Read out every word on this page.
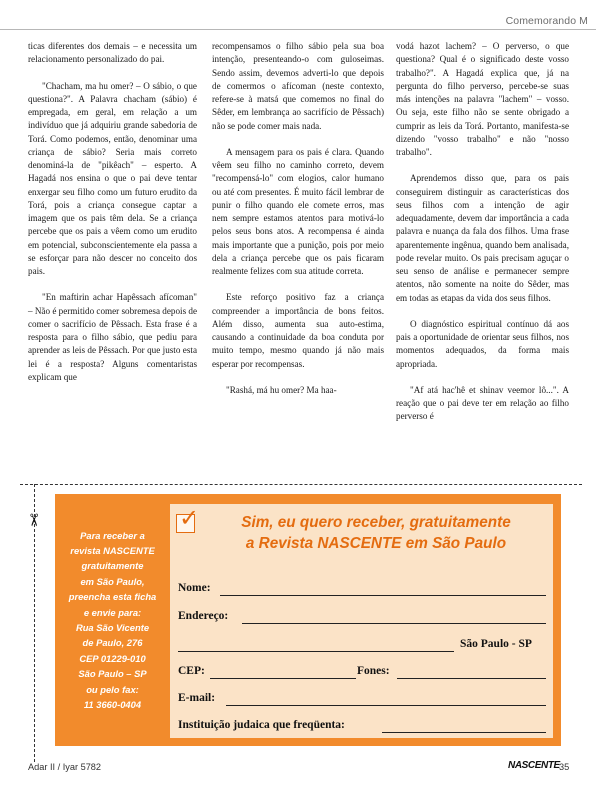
Comemorando M

ticas diferentes dos demais – e necessita um relacionamento personalizado do pai.

"Chacham, ma hu omer? – O sábio, o que questiona?". A Palavra chacham (sábio) é empregada, em geral, em relação a um indivíduo que já adquiriu grande sabedoria de Torá. Como podemos, então, denominar uma criança de sábio? Seria mais correto denominá-la de "pikêach" – esperto. A Hagadá nos ensina o que o pai deve tentar enxergar seu filho como um futuro erudito da Torá, pois a criança consegue captar a imagem que os pais têm dela. Se a criança percebe que os pais a vêem como um erudito em potencial, subconscientemente ela passa a se esforçar para não descer no conceito dos pais.

"En maftirin achar Hapêssach afícoman" – Não é permitido comer sobremesa depois de comer o sacrifício de Pêssach. Esta frase é a resposta para o filho sábio, que pediu para aprender as leis de Pêssach. Por que justo esta lei é a resposta? Alguns comentaristas explicam que

recompensamos o filho sábio pela sua boa intenção, presenteando-o com guloseimas. Sendo assim, devemos adverti-lo que depois de comermos o afícoman (neste contexto, refere-se à matsá que comemos no final do Sêder, em lembrança ao sacrifício de Pêssach) não se pode comer mais nada.

A mensagem para os pais é clara. Quando vêem seu filho no caminho correto, devem "recompensá-lo" com elogios, calor humano ou até com presentes. É muito fácil lembrar de punir o filho quando ele comete erros, mas nem sempre estamos atentos para motivá-lo pelos seus bons atos. A recompensa é ainda mais importante que a punição, pois por meio dela a criança percebe que os pais ficaram realmente felizes com sua atitude correta.

Este reforço positivo faz a criança compreender a importância de bons feitos. Além disso, aumenta sua auto-estima, causando a continuidade da boa conduta por muito tempo, mesmo quando já não mais esperar por recompensas.

"Rashá, má hu omer? Ma haa-

vodá hazot lachem? – O perverso, o que questiona? Qual é o significado deste vosso trabalho?". A Hagadá explica que, já na pergunta do filho perverso, percebe-se suas más intenções na palavra "lachem" – vosso. Ou seja, este filho não se sente obrigado a cumprir as leis da Torá. Portanto, manifesta-se dizendo "vosso trabalho" e não "nosso trabalho".

Aprendemos disso que, para os pais conseguirem distinguir as características dos seus filhos com a intenção de agir adequadamente, devem dar importância a cada palavra e nuança da fala dos filhos. Uma frase aparentemente ingênua, quando bem analisada, pode revelar muito. Os pais precisam aguçar o seu senso de análise e permanecer sempre atentos, não somente na noite do Sêder, mas em todas as etapas da vida dos seus filhos.

O diagnóstico espiritual contínuo dá aos pais a oportunidade de orientar seus filhos, nos momentos adequados, da forma mais apropriada.

"Af atá hac'hê et shinav veemor lô...". A reação que o pai deve ter em relação ao filho perverso é

✂
Para receber a
revista NASCENTE
gratuitamente
em São Paulo,
preencha esta ficha
e envie para:
Rua São Vicente
de Paulo, 276
CEP 01229-010
São Paulo – SP
ou pelo fax:
11 3660-0404
✓	Sim, eu quero receber, gratuitamente
a Revista NASCENTE em São Paulo
Nome:
Endereço:
São Paulo - SP
CEP:	Fones:
E-mail:
Instituição judaica que freqüenta:
Adar II / Iyar 5782	NASCENTE 35
